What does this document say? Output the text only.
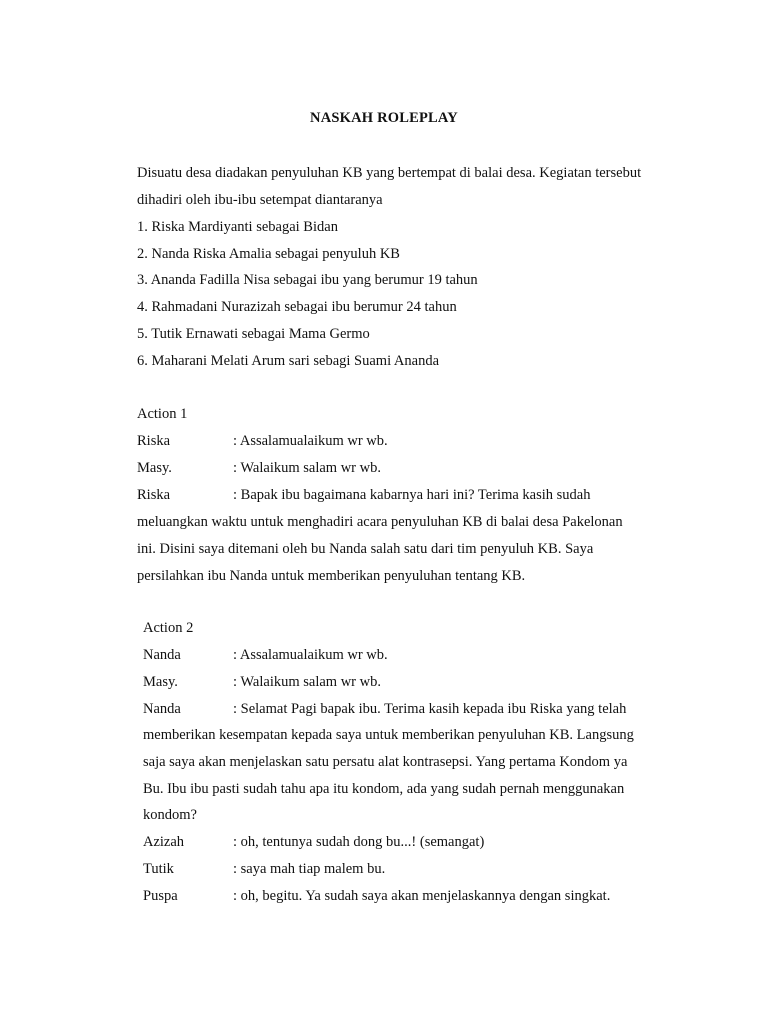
NASKAH ROLEPLAY
Disuatu desa diadakan penyuluhan KB yang bertempat di balai desa. Kegiatan tersebut
dihadiri oleh ibu-ibu setempat diantaranya
1. Riska Mardiyanti sebagai Bidan
2. Nanda Riska Amalia sebagai penyuluh KB
3. Ananda Fadilla Nisa sebagai ibu yang berumur 19 tahun
4. Rahmadani Nurazizah sebagai ibu berumur 24 tahun
5. Tutik Ernawati sebagai Mama Germo
6. Maharani Melati Arum sari sebagi Suami Ananda
Action 1
Riska	: Assalamualaikum wr wb.
Masy.	: Walaikum salam wr wb.
Riska	: Bapak ibu bagaimana kabarnya hari ini? Terima kasih sudah
meluangkan waktu untuk menghadiri acara penyuluhan KB di balai desa Pakelonan
ini. Disini saya ditemani oleh bu Nanda salah satu dari tim penyuluh KB. Saya
persilahkan ibu Nanda untuk memberikan penyuluhan tentang KB.
Action 2
Nanda	: Assalamualaikum wr wb.
Masy.	: Walaikum salam wr wb.
Nanda	: Selamat Pagi bapak ibu. Terima kasih kepada ibu Riska yang telah
memberikan kesempatan kepada saya untuk memberikan penyuluhan KB. Langsung
saja saya akan menjelaskan satu persatu alat kontrasepsi. Yang pertama Kondom ya
Bu. Ibu ibu pasti sudah tahu apa itu kondom, ada yang sudah pernah menggunakan
kondom?
Azizah	: oh, tentunya sudah dong bu...! (semangat)
Tutik	: saya mah tiap malem bu.
Puspa	: oh, begitu. Ya sudah saya akan menjelaskannya dengan singkat.
